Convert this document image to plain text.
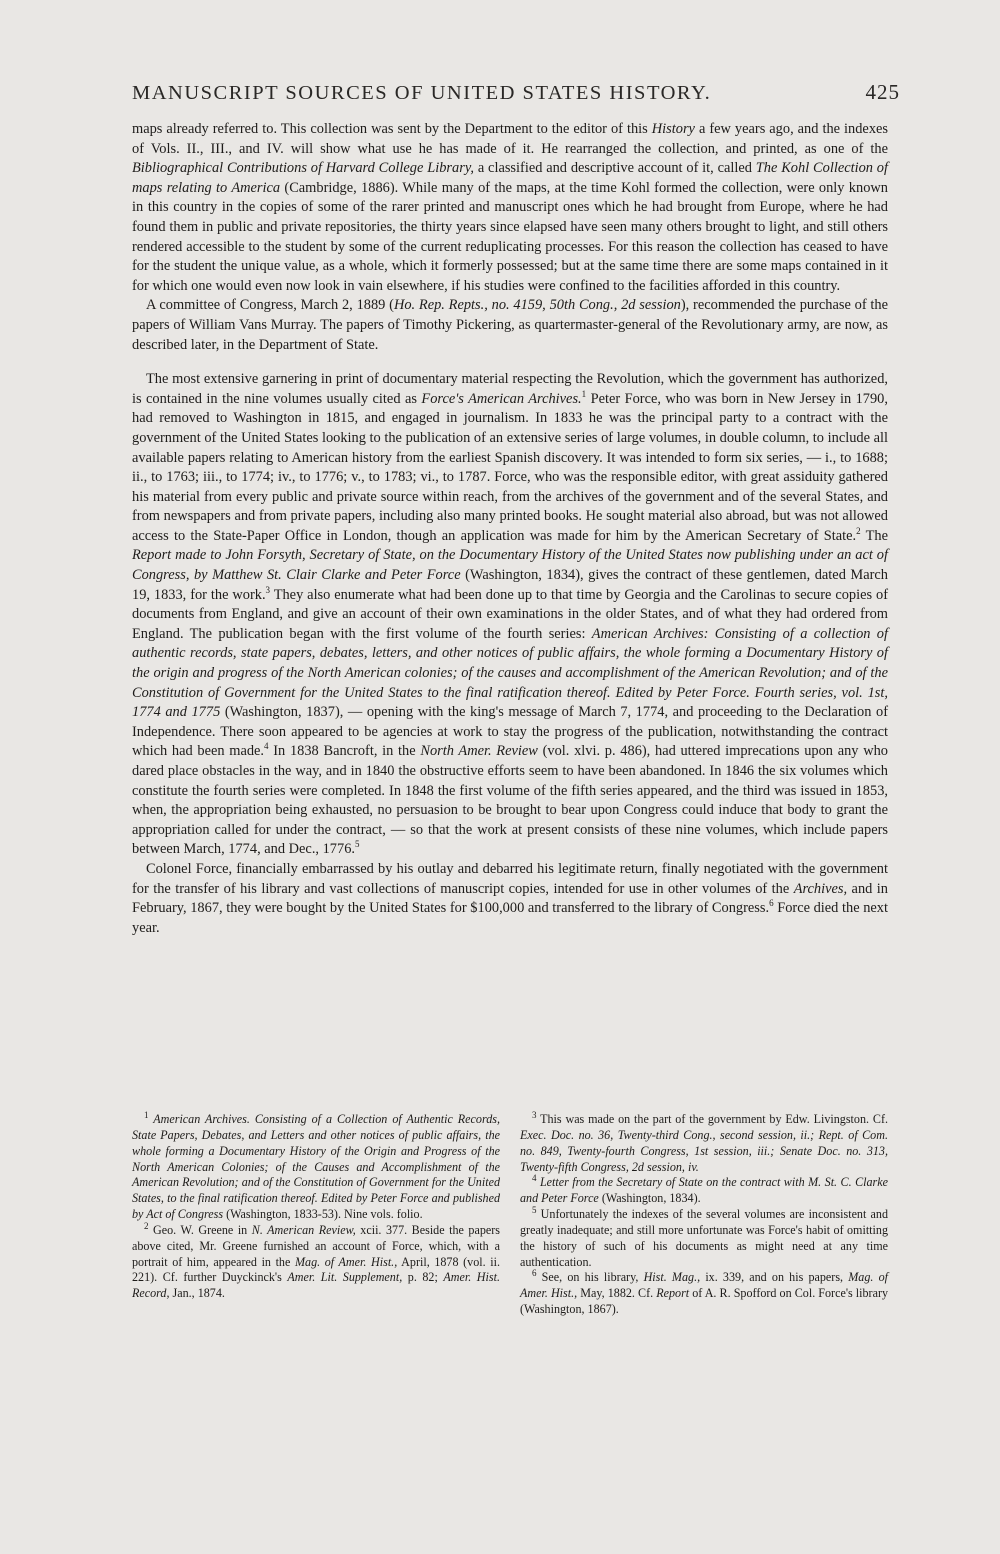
MANUSCRIPT SOURCES OF UNITED STATES HISTORY.	425

maps already referred to. This collection was sent by the Department to the editor of this History a few years ago, and the indexes of Vols. II., III., and IV. will show what use he has made of it. He rearranged the collection, and printed, as one of the Bibliographical Contributions of Harvard College Library, a classified and descriptive account of it, called The Kohl Collection of maps relating to America (Cambridge, 1886). While many of the maps, at the time Kohl formed the collection, were only known in this country in the copies of some of the rarer printed and manuscript ones which he had brought from Europe, where he had found them in public and private repositories, the thirty years since elapsed have seen many others brought to light, and still others rendered accessible to the student by some of the current reduplicating processes. For this reason the collection has ceased to have for the student the unique value, as a whole, which it formerly possessed; but at the same time there are some maps contained in it for which one would even now look in vain elsewhere, if his studies were confined to the facilities afforded in this country.

A committee of Congress, March 2, 1889 (Ho. Rep. Repts., no. 4159, 50th Cong., 2d session), recommended the purchase of the papers of William Vans Murray. The papers of Timothy Pickering, as quartermaster-general of the Revolutionary army, are now, as described later, in the Department of State.

The most extensive garnering in print of documentary material respecting the Revolution, which the government has authorized, is contained in the nine volumes usually cited as Force's American Archives.$^1$ Peter Force, who was born in New Jersey in 1790, had removed to Washington in 1815, and engaged in journalism. In 1833 he was the principal party to a contract with the government of the United States looking to the publication of an extensive series of large volumes, in double column, to include all available papers relating to American history from the earliest Spanish discovery. It was intended to form six series, — i., to 1688; ii., to 1763; iii., to 1774; iv., to 1776; v., to 1783; vi., to 1787. Force, who was the responsible editor, with great assiduity gathered his material from every public and private source within reach, from the archives of the government and of the several States, and from newspapers and from private papers, including also many printed books. He sought material also abroad, but was not allowed access to the State-Paper Office in London, though an application was made for him by the American Secretary of State.$^2$ The Report made to John Forsyth, Secretary of State, on the Documentary History of the United States now publishing under an act of Congress, by Matthew St. Clair Clarke and Peter Force (Washington, 1834), gives the contract of these gentlemen, dated March 19, 1833, for the work.$^3$ They also enumerate what had been done up to that time by Georgia and the Carolinas to secure copies of documents from England, and give an account of their own examinations in the older States, and of what they had ordered from England. The publication began with the first volume of the fourth series: American Archives: Consisting of a collection of authentic records, state papers, debates, letters, and other notices of public affairs, the whole forming a Documentary History of the origin and progress of the North American colonies; of the causes and accomplishment of the American Revolution; and of the Constitution of Government for the United States to the final ratification thereof. Edited by Peter Force. Fourth series, vol. 1st, 1774 and 1775 (Washington, 1837), — opening with the king's message of March 7, 1774, and proceeding to the Declaration of Independence. There soon appeared to be agencies at work to stay the progress of the publication, notwithstanding the contract which had been made.$^4$ In 1838 Bancroft, in the North Amer. Review (vol. xlvi. p. 486), had uttered imprecations upon any who dared place obstacles in the way, and in 1840 the obstructive efforts seem to have been abandoned. In 1846 the six volumes which constitute the fourth series were completed. In 1848 the first volume of the fifth series appeared, and the third was issued in 1853, when, the appropriation being exhausted, no persuasion to be brought to bear upon Congress could induce that body to grant the appropriation called for under the contract, — so that the work at present consists of these nine volumes, which include papers between March, 1774, and Dec., 1776.$^5$

Colonel Force, financially embarrassed by his outlay and debarred his legitimate return, finally negotiated with the government for the transfer of his library and vast collections of manuscript copies, intended for use in other volumes of the Archives, and in February, 1867, they were bought by the United States for $100,000 and transferred to the library of Congress.$^6$ Force died the next year.

$^1$ American Archives. Consisting of a Collection of Authentic Records, State Papers, Debates, and Letters and other notices of public affairs, the whole forming a Documentary History of the Origin and Progress of the North American Colonies; of the Causes and Accomplishment of the American Revolution; and of the Constitution of Government for the United States, to the final ratification thereof. Edited by Peter Force and published by Act of Congress (Washington, 1833-53). Nine vols. folio.

$^2$ Geo. W. Greene in N. American Review, xcii. 377. Beside the papers above cited, Mr. Greene furnished an account of Force, which, with a portrait of him, appeared in the Mag. of Amer. Hist., April, 1878 (vol. ii. 221). Cf. further Duyckinck's Amer. Lit. Supplement, p. 82; Amer. Hist. Record, Jan., 1874.

$^3$ This was made on the part of the government by Edw. Livingston. Cf. Exec. Doc. no. 36, Twenty-third Cong., second session, ii.; Rept. of Com. no. 849, Twenty-fourth Congress, 1st session, iii.; Senate Doc. no. 313, Twenty-fifth Congress, 2d session, iv.

$^4$ Letter from the Secretary of State on the contract with M. St. C. Clarke and Peter Force (Washington, 1834).

$^5$ Unfortunately the indexes of the several volumes are inconsistent and greatly inadequate; and still more unfortunate was Force's habit of omitting the history of such of his documents as might need at any time authentication.

$^6$ See, on his library, Hist. Mag., ix. 339, and on his papers, Mag. of Amer. Hist., May, 1882. Cf. Report of A. R. Spofford on Col. Force's library (Washington, 1867).
